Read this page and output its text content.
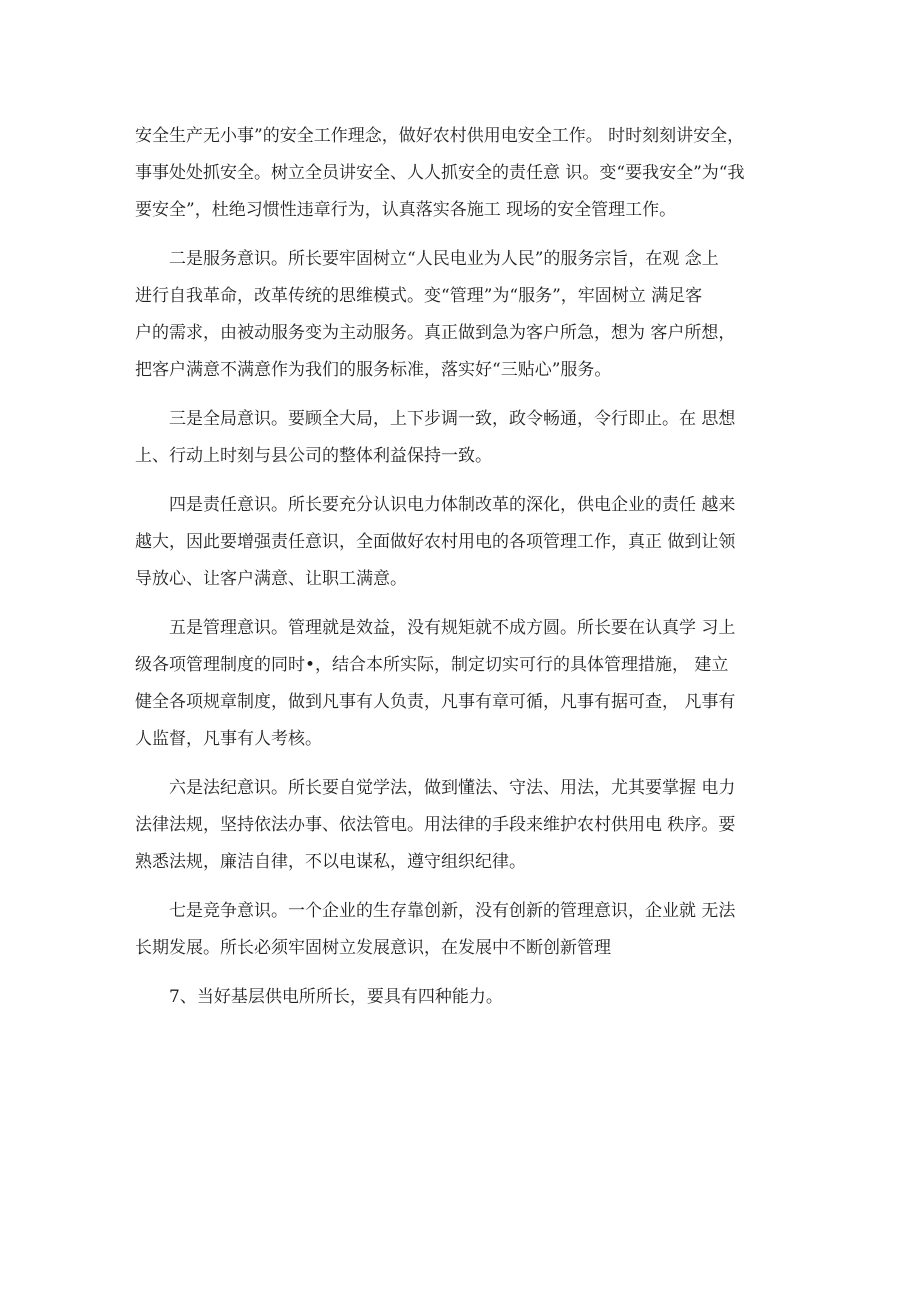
安全生产无小事”的安全工作理念，做好农村供用电安全工作。 时时刻刻讲安全，
事事处处抓安全。树立全员讲安全、人人抓安全的责任意 识。变“要我安全”为“我
要安全”，杜绝习惯性违章行为，认真落实各施工 现场的安全管理工作。
二是服务意识。所长要牢固树立“人民电业为人民”的服务宗旨，在观 念上
进行自我革命，改革传统的思维模式。变“管理”为“服务”，牢固树立 满足客
户的需求，由被动服务变为主动服务。真正做到急为客户所急，想为 客户所想，
把客户满意不满意作为我们的服务标准，落实好“三贴心”服务。
三是全局意识。要顾全大局，上下步调一致，政令畅通，令行即止。在 思想
上、行动上时刻与县公司的整体利益保持一致。
四是责任意识。所长要充分认识电力体制改革的深化，供电企业的责任 越来
越大，因此要增强责任意识，全面做好农村用电的各项管理工作，真正 做到让领
导放心、让客户满意、让职工满意。
五是管理意识。管理就是效益，没有规矩就不成方圆。所长要在认真学 习上
级各项管理制度的同时•，结合本所实际，制定切实可行的具体管理措施， 建立
健全各项规章制度，做到凡事有人负责，凡事有章可循，凡事有据可查， 凡事有
人监督，凡事有人考核。
六是法纪意识。所长要自觉学法，做到懂法、守法、用法，尤其要掌握 电力
法律法规，坚持依法办事、依法管电。用法律的手段来维护农村供用电 秩序。要
熟悉法规，廉洁自律，不以电谋私，遵守组织纪律。
七是竞争意识。一个企业的生存靠创新，没有创新的管理意识，企业就 无法
长期发展。所长必须牢固树立发展意识，在发展中不断创新管理
7、当好基层供电所所长，要具有四种能力。
